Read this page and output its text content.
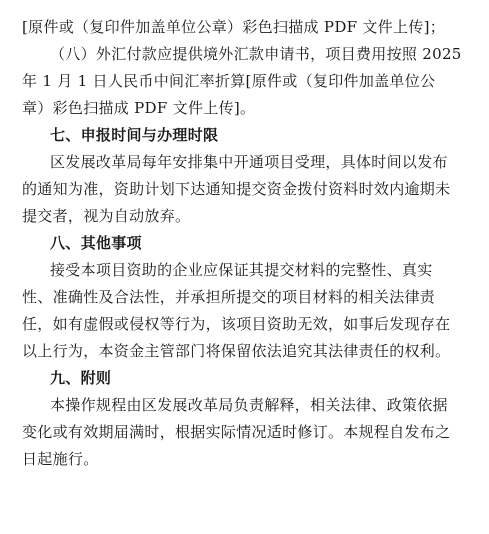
[原件或（复印件加盖单位公章）彩色扫描成 PDF 文件上传]；
（八）外汇付款应提供境外汇款申请书，项目费用按照 2025
年 1 月 1 日人民币中间汇率折算[原件或（复印件加盖单位公
章）彩色扫描成 PDF 文件上传]。
七、申报时间与办理时限
区发展改革局每年安排集中开通项目受理，具体时间以发布
的通知为准，资助计划下达通知提交资金拨付资料时效内逾期未
提交者，视为自动放弃。
八、其他事项
接受本项目资助的企业应保证其提交材料的完整性、真实
性、准确性及合法性，并承担所提交的项目材料的相关法律责
任，如有虚假或侵权等行为，该项目资助无效，如事后发现存在
以上行为，本资金主管部门将保留依法追究其法律责任的权利。
九、附则
本操作规程由区发展改革局负责解释，相关法律、政策依据
变化或有效期届满时，根据实际情况适时修订。本规程自发布之
日起施行。
